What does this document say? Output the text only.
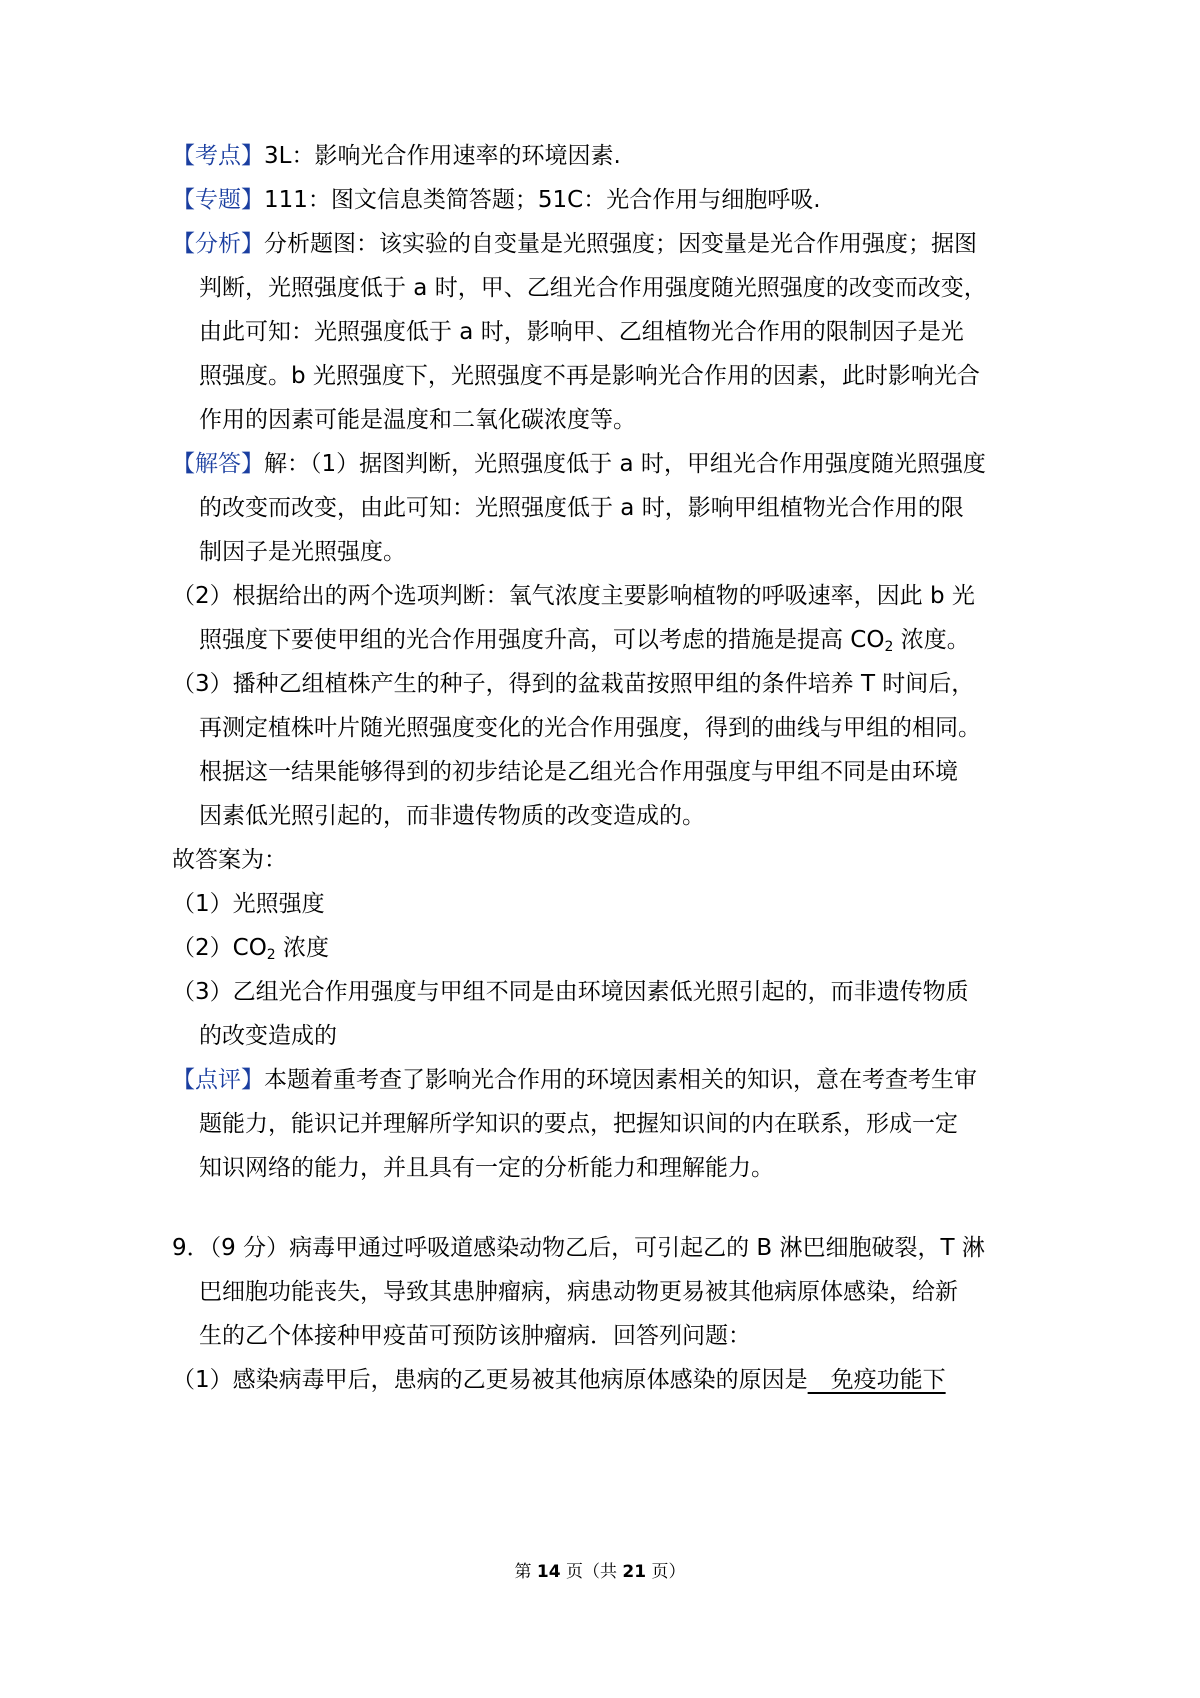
【考点】3L：影响光合作用速率的环境因素.
【专题】111：图文信息类简答题；51C：光合作用与细胞呼吸.
【分析】分析题图：该实验的自变量是光照强度；因变量是光合作用强度；据图
判断，光照强度低于 a 时，甲、乙组光合作用强度随光照强度的改变而改变，
由此可知：光照强度低于 a 时，影响甲、乙组植物光合作用的限制因子是光
照强度。b 光照强度下，光照强度不再是影响光合作用的因素，此时影响光合
作用的因素可能是温度和二氧化碳浓度等。
【解答】解：（1）据图判断，光照强度低于 a 时，甲组光合作用强度随光照强度
的改变而改变，由此可知：光照强度低于 a 时，影响甲组植物光合作用的限
制因子是光照强度。
（2）根据给出的两个选项判断：氧气浓度主要影响植物的呼吸速率，因此 b 光
照强度下要使甲组的光合作用强度升高，可以考虑的措施是提高 $CO_2$ 浓度。
（3）播种乙组植株产生的种子，得到的盆栽苗按照甲组的条件培养 T 时间后，
再测定植株叶片随光照强度变化的光合作用强度，得到的曲线与甲组的相同。
根据这一结果能够得到的初步结论是乙组光合作用强度与甲组不同是由环境
因素低光照引起的，而非遗传物质的改变造成的。
故答案为：
（1）光照强度
$(2)CO_2$ 浓度
（3）乙组光合作用强度与甲组不同是由环境因素低光照引起的，而非遗传物质
的改变造成的
【点评】本题着重考查了影响光合作用的环境因素相关的知识，意在考查考生审
题能力，能识记并理解所学知识的要点，把握知识间的内在联系，形成一定
知识网络的能力，并且具有一定的分析能力和理解能力。
9．（9 分）病毒甲通过呼吸道感染动物乙后，可引起乙的 B 淋巴细胞破裂，T 淋
巴细胞功能丧失，导致其患肿瘤病，病患动物更易被其他病原体感染，给新
生的乙个体接种甲疫苗可预防该肿瘤病．回答列问题：
（1）感染病毒甲后，患病的乙更易被其他病原体感染的原因是　免疫功能下
第 14 页（共 21 页）
